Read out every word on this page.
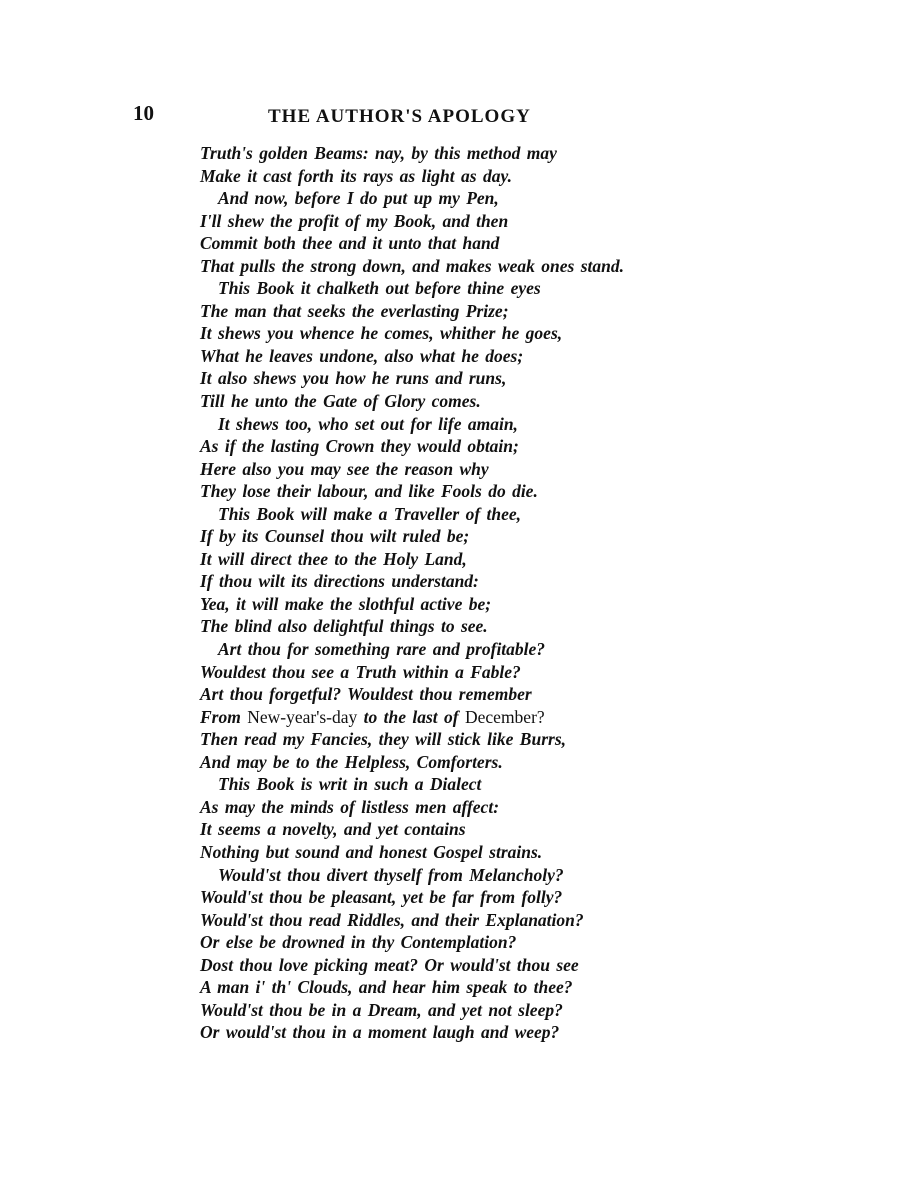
10	THE AUTHOR'S APOLOGY
Truth's golden Beams: nay, by this method may
Make it cast forth its rays as light as day.
And now, before I do put up my Pen,
I'll shew the profit of my Book, and then
Commit both thee and it unto that hand
That pulls the strong down, and makes weak ones stand.
This Book it chalketh out before thine eyes
The man that seeks the everlasting Prize;
It shews you whence he comes, whither he goes,
What he leaves undone, also what he does;
It also shews you how he runs and runs,
Till he unto the Gate of Glory comes.
It shews too, who set out for life amain,
As if the lasting Crown they would obtain;
Here also you may see the reason why
They lose their labour, and like Fools do die.
This Book will make a Traveller of thee,
If by its Counsel thou wilt ruled be;
It will direct thee to the Holy Land,
If thou wilt its directions understand:
Yea, it will make the slothful active be;
The blind also delightful things to see.
Art thou for something rare and profitable?
Wouldest thou see a Truth within a Fable?
Art thou forgetful? Wouldest thou remember
From New-year's-day to the last of December?
Then read my Fancies, they will stick like Burrs,
And may be to the Helpless, Comforters.
This Book is writ in such a Dialect
As may the minds of listless men affect:
It seems a novelty, and yet contains
Nothing but sound and honest Gospel strains.
Would'st thou divert thyself from Melancholy?
Would'st thou be pleasant, yet be far from folly?
Would'st thou read Riddles, and their Explanation?
Or else be drowned in thy Contemplation?
Dost thou love picking meat? Or would'st thou see
A man i' th' Clouds, and hear him speak to thee?
Would'st thou be in a Dream, and yet not sleep?
Or would'st thou in a moment laugh and weep?
